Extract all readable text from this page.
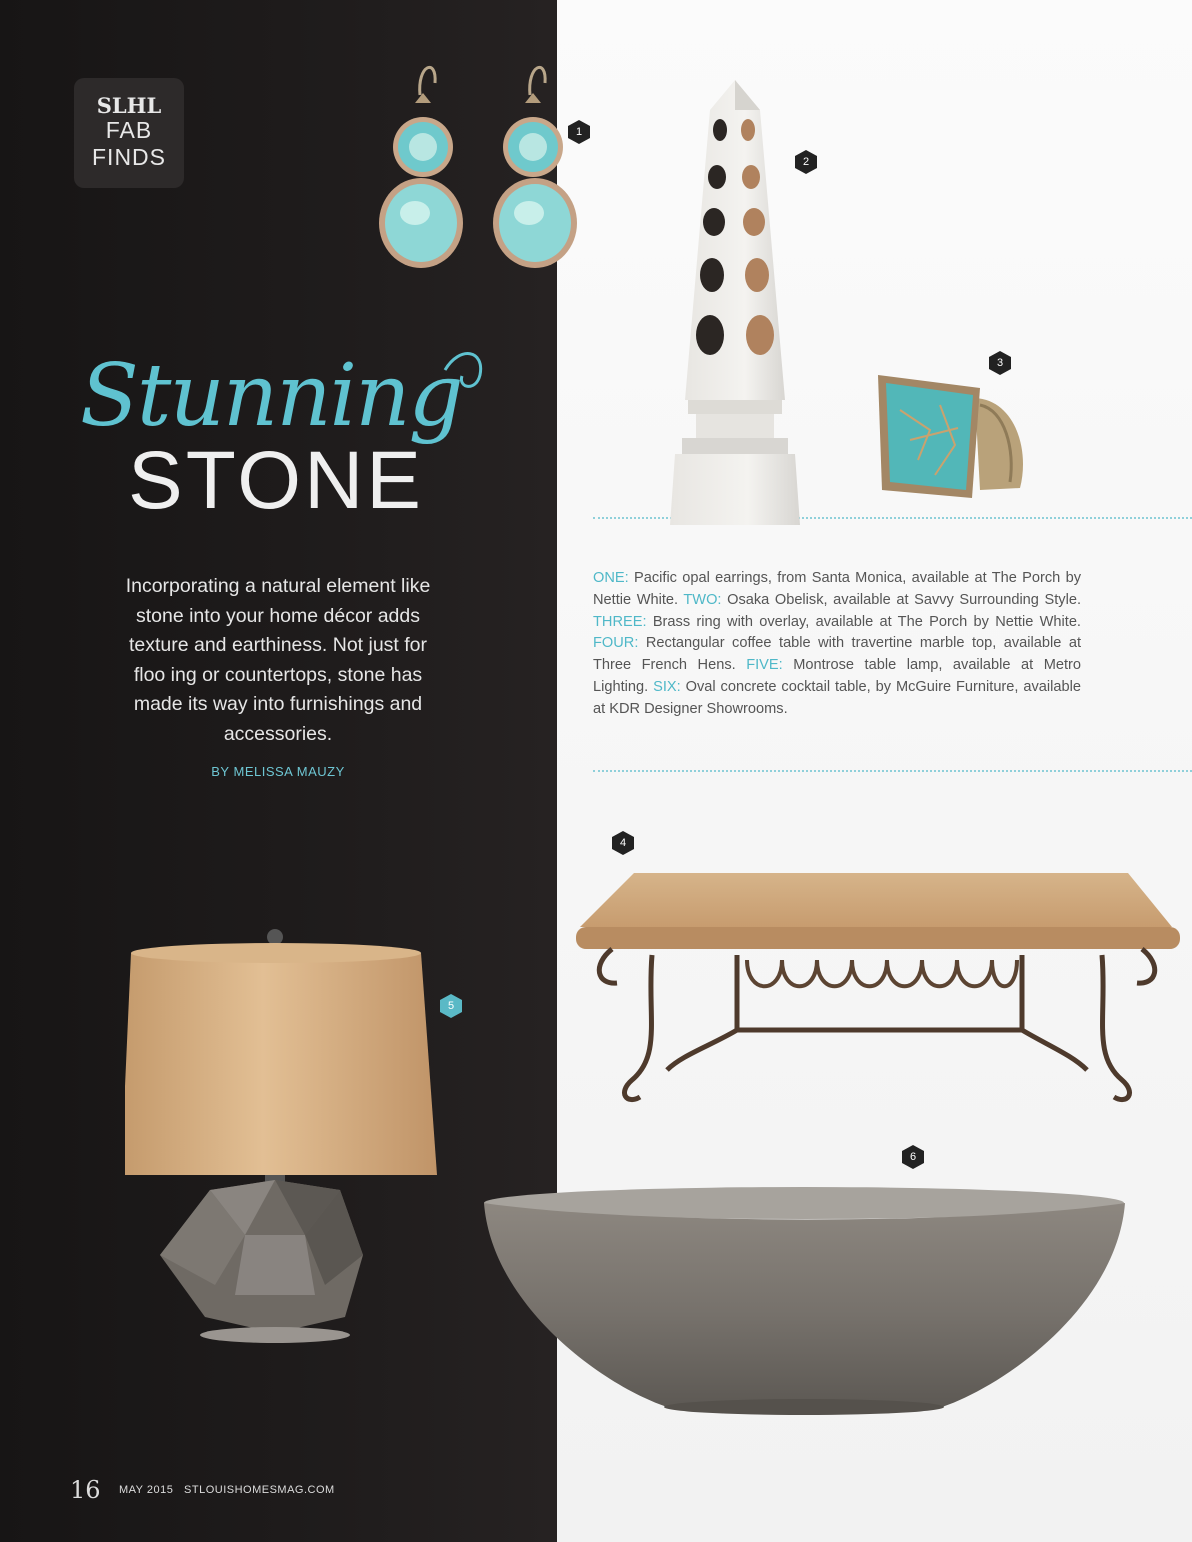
SLHL
FAB
FINDS
Stunning
STONE
Incorporating a natural element like stone into your home décor adds texture and earthiness. Not just for floo ing or countertops, stone has made its way into furnishings and accessories.
BY MELISSA MAUZY
ONE: Pacific opal earrings, from Santa Monica, available at The Porch by Nettie White. TWO: Osaka Obelisk, available at Savvy Surrounding Style. THREE: Brass ring with overlay, available at The Porch by Nettie White. FOUR: Rectangular coffee table with travertine marble top, available at Three French Hens. FIVE: Montrose table lamp, available at Metro Lighting. SIX: Oval concrete cocktail table, by McGuire Furniture, available at KDR Designer Showrooms.
1
2
3
4
5
6
16 MAY 2015   STLOUISHOMESMAG.COM
